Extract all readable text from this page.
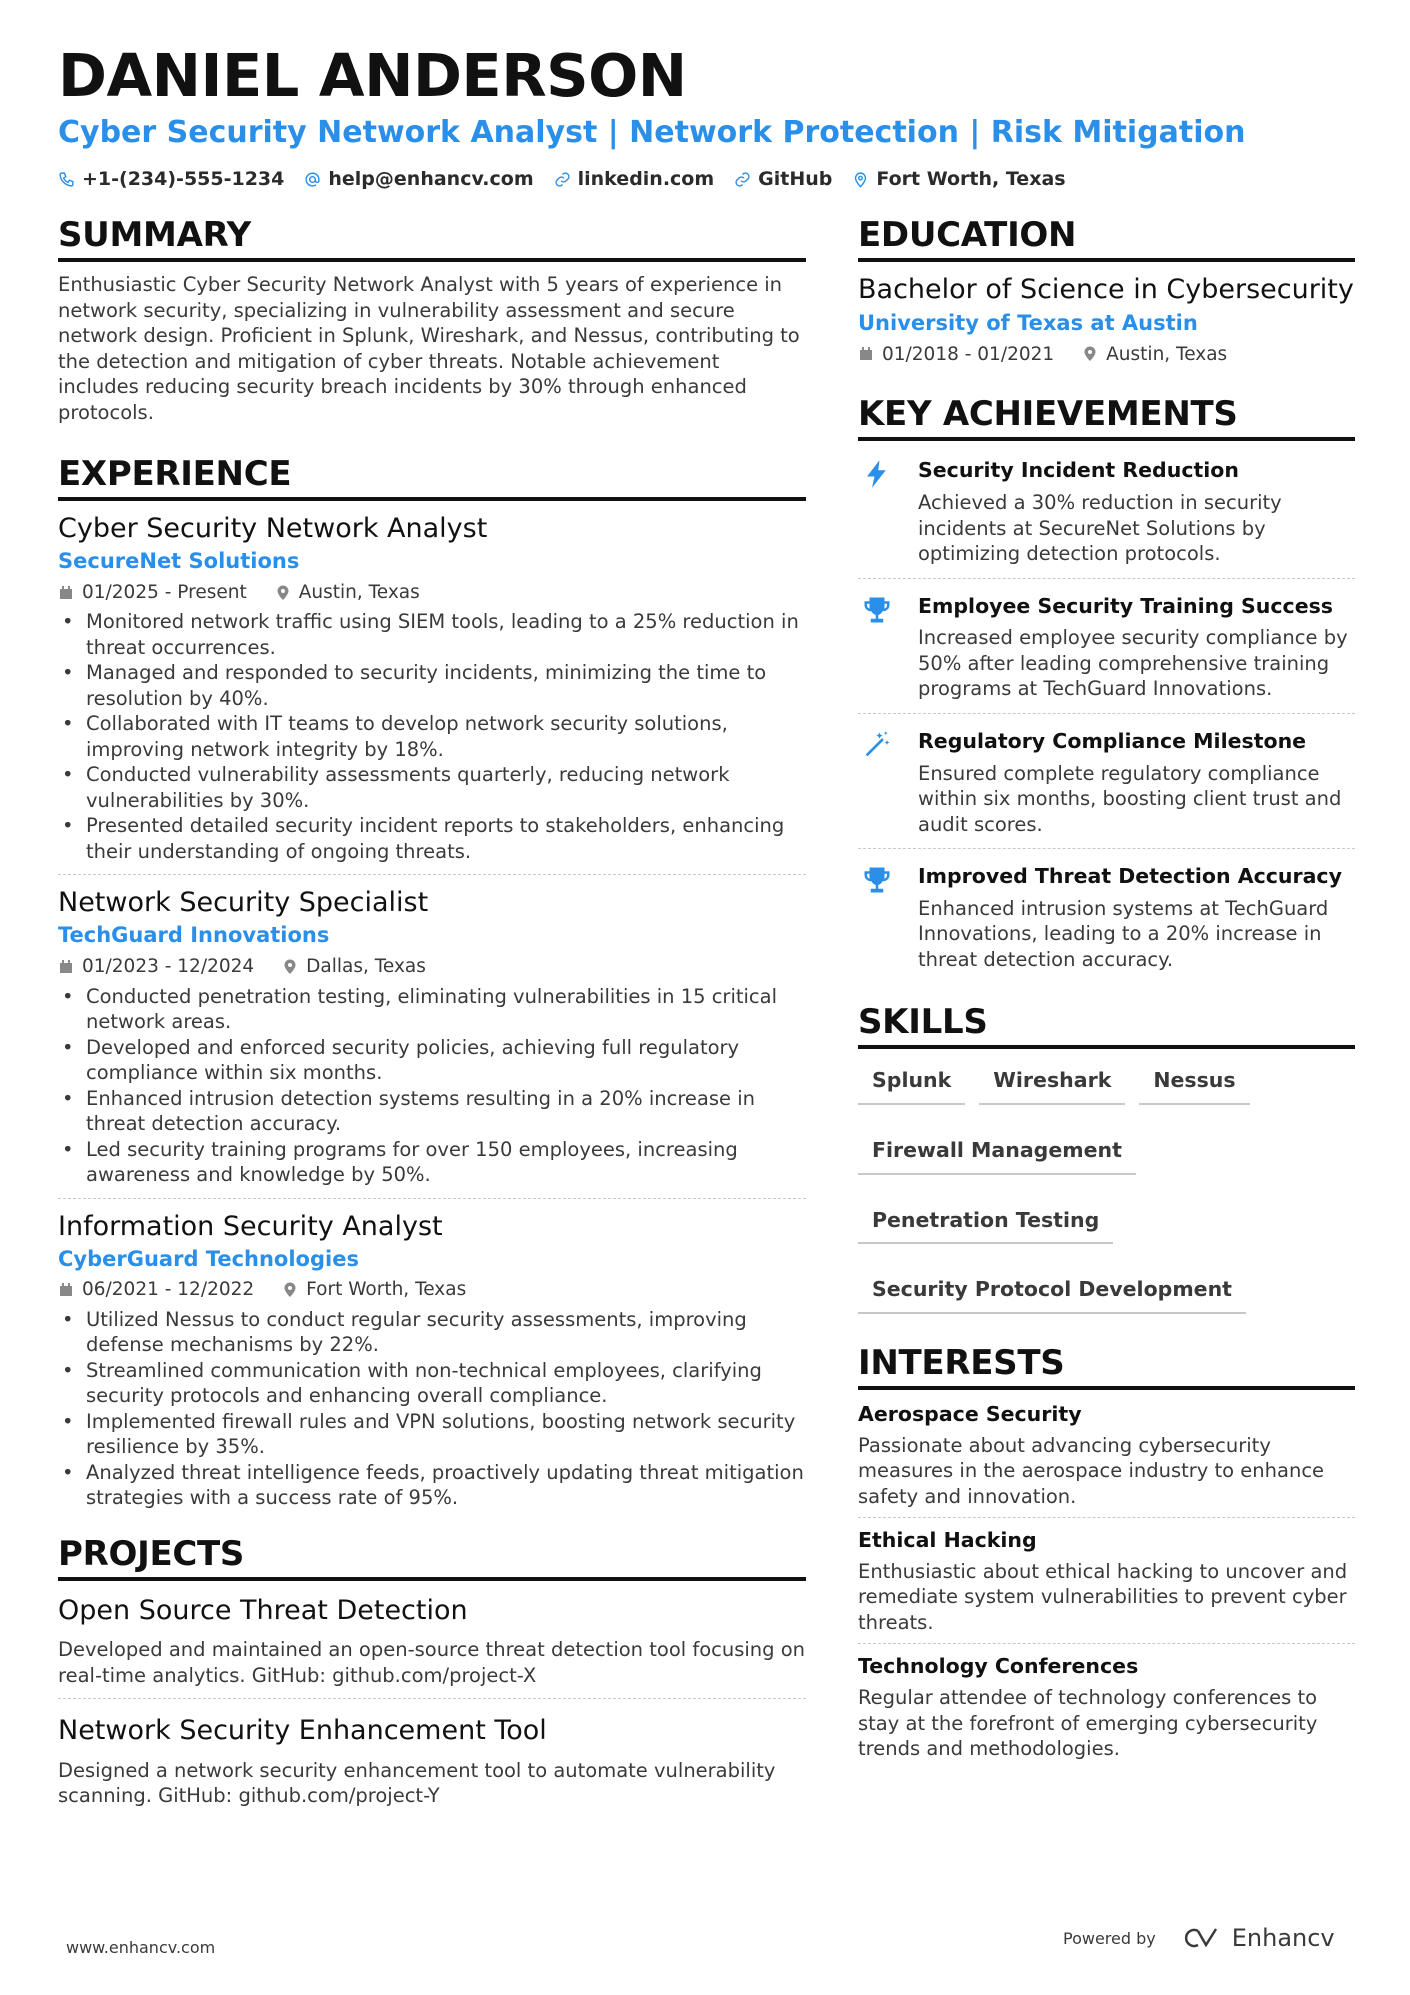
DANIEL ANDERSON
Cyber Security Network Analyst | Network Protection | Risk Mitigation
+1-(234)-555-1234 help@enhancv.com linkedin.com GitHub Fort Worth, Texas
SUMMARY

Enthusiastic Cyber Security Network Analyst with 5 years of experience in network security, specializing in vulnerability assessment and secure network design. Proficient in Splunk, Wireshark, and Nessus, contributing to the detection and mitigation of cyber threats. Notable achievement includes reducing security breach incidents by 30% through enhanced protocols.

EXPERIENCE
Cyber Security Network Analyst
SecureNet Solutions
01/2025 - Present	Austin, Texas
• Monitored network traffic using SIEM tools, leading to a 25% reduction in threat occurrences.
• Managed and responded to security incidents, minimizing the time to resolution by 40%.
• Collaborated with IT teams to develop network security solutions, improving network integrity by 18%.
• Conducted vulnerability assessments quarterly, reducing network vulnerabilities by 30%.
• Presented detailed security incident reports to stakeholders, enhancing their understanding of ongoing threats.
Network Security Specialist
TechGuard Innovations
01/2023 - 12/2024	Dallas, Texas
• Conducted penetration testing, eliminating vulnerabilities in 15 critical network areas.
• Developed and enforced security policies, achieving full regulatory compliance within six months.
• Enhanced intrusion detection systems resulting in a 20% increase in threat detection accuracy.
• Led security training programs for over 150 employees, increasing awareness and knowledge by 50%.
Information Security Analyst
CyberGuard Technologies
06/2021 - 12/2022	Fort Worth, Texas
• Utilized Nessus to conduct regular security assessments, improving defense mechanisms by 22%.
• Streamlined communication with non-technical employees, clarifying security protocols and enhancing overall compliance.
• Implemented firewall rules and VPN solutions, boosting network security resilience by 35%.
• Analyzed threat intelligence feeds, proactively updating threat mitigation strategies with a success rate of 95%.
PROJECTS
Open Source Threat Detection

Developed and maintained an open-source threat detection tool focusing on real-time analytics. GitHub: github.com/project-X

Network Security Enhancement Tool

Designed a network security enhancement tool to automate vulnerability scanning. GitHub: github.com/project-Y

EDUCATION
Bachelor of Science in Cybersecurity
University of Texas at Austin
01/2018 - 01/2021	Austin, Texas
KEY ACHIEVEMENTS
Security Incident Reduction

Achieved a 30% reduction in security incidents at SecureNet Solutions by optimizing detection protocols.

Employee Security Training Success

Increased employee security compliance by 50% after leading comprehensive training programs at TechGuard Innovations.

Regulatory Compliance Milestone

Ensured complete regulatory compliance within six months, boosting client trust and audit scores.

Improved Threat Detection Accuracy

Enhanced intrusion systems at TechGuard Innovations, leading to a 20% increase in threat detection accuracy.

SKILLS
Splunk	Wireshark	Nessus
Firewall Management
Penetration Testing
Security Protocol Development
INTERESTS
Aerospace Security

Passionate about advancing cybersecurity measures in the aerospace industry to enhance safety and innovation.

Ethical Hacking

Enthusiastic about ethical hacking to uncover and remediate system vulnerabilities to prevent cyber threats.

Technology Conferences

Regular attendee of technology conferences to stay at the forefront of emerging cybersecurity trends and methodologies.

www.enhancv.com	Powered by	Enhancv
